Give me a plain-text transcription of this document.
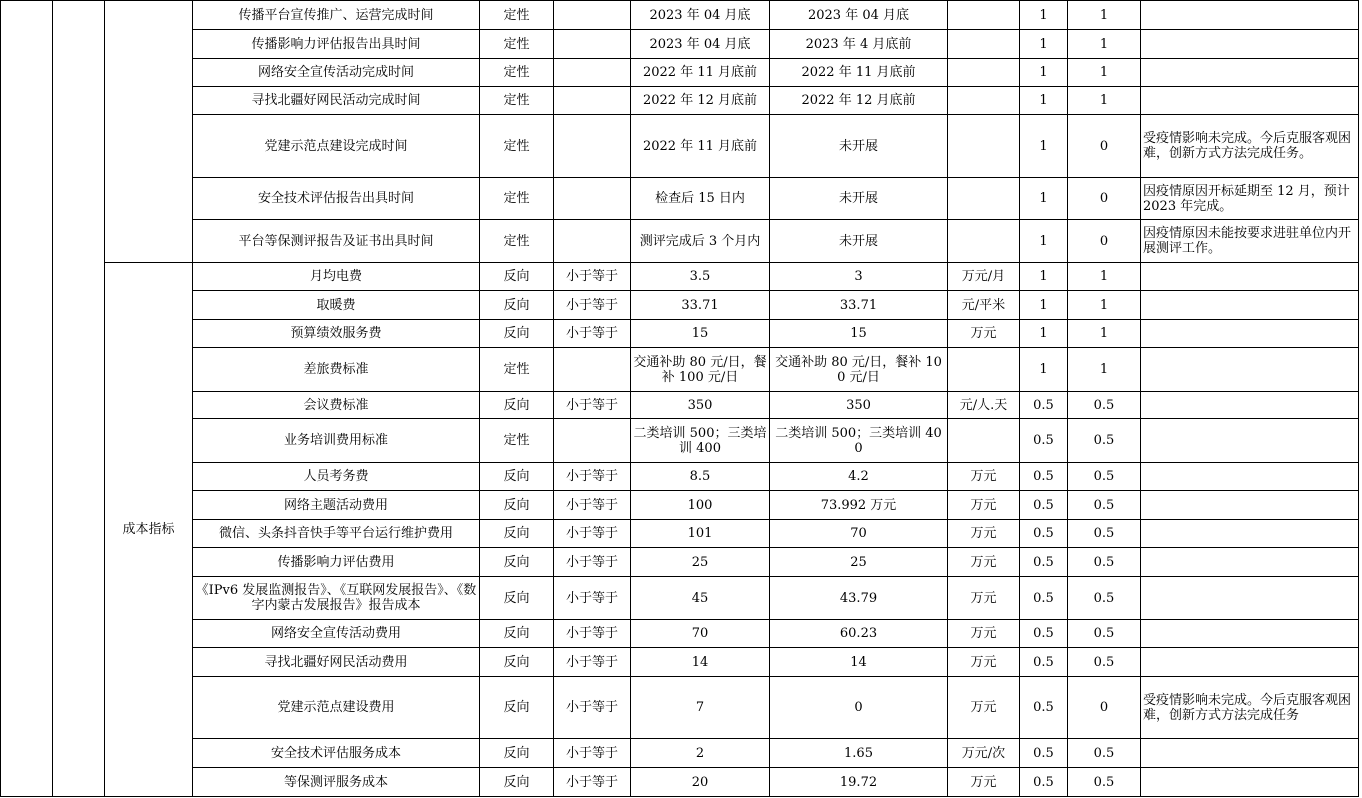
			传播平台宣传推广、运营完成时间	定性		2023 年 04 月底	2023 年 04 月底		1	1	
			传播影响力评估报告出具时间	定性		2023 年 04 月底	2023 年 4 月底前		1	1	
			网络安全宣传活动完成时间	定性		2022 年 11 月底前	2022 年 11 月底前		1	1	
			寻找北疆好网民活动完成时间	定性		2022 年 12 月底前	2022 年 12 月底前		1	1	
			党建示范点建设完成时间	定性		2022 年 11 月底前	未开展		1	0	受疫情影响未完成。今后克服客观困难，创新方式方法完成任务。
			安全技术评估报告出具时间	定性		检查后 15 日内	未开展		1	0	因疫情原因开标延期至 12 月，预计 2023 年完成。
			平台等保测评报告及证书出具时间	定性		测评完成后 3 个月内	未开展		1	0	因疫情原因未能按要求进驻单位内开展测评工作。
		成本指标	月均电费	反向	小于等于	3.5	3	万元/月	1	1	
			取暖费	反向	小于等于	33.71	33.71	元/平米	1	1	
			预算绩效服务费	反向	小于等于	15	15	万元	1	1	
			差旅费标准	定性		交通补助 80 元/日，餐补 100 元/日	交通补助 80 元/日，餐补 100 元/日		1	1	
			会议费标准	反向	小于等于	350	350	元/人.天	0.5	0.5	
			业务培训费用标准	定性		二类培训 500；三类培训 400	二类培训 500；三类培训 400		0.5	0.5	
			人员考务费	反向	小于等于	8.5	4.2	万元	0.5	0.5	
			网络主题活动费用	反向	小于等于	100	73.992 万元	万元	0.5	0.5	
			微信、头条抖音快手等平台运行维护费用	反向	小于等于	101	70	万元	0.5	0.5	
			传播影响力评估费用	反向	小于等于	25	25	万元	0.5	0.5	
			《IPv6 发展监测报告》、《互联网发展报告》、《数字内蒙古发展报告》报告成本	反向	小于等于	45	43.79	万元	0.5	0.5	
			网络安全宣传活动费用	反向	小于等于	70	60.23	万元	0.5	0.5	
			寻找北疆好网民活动费用	反向	小于等于	14	14	万元	0.5	0.5	
			党建示范点建设费用	反向	小于等于	7	0	万元	0.5	0	受疫情影响未完成。今后克服客观困难，创新方式方法完成任务
			安全技术评估服务成本	反向	小于等于	2	1.65	万元/次	0.5	0.5	
			等保测评服务成本	反向	小于等于	20	19.72	万元	0.5	0.5	
